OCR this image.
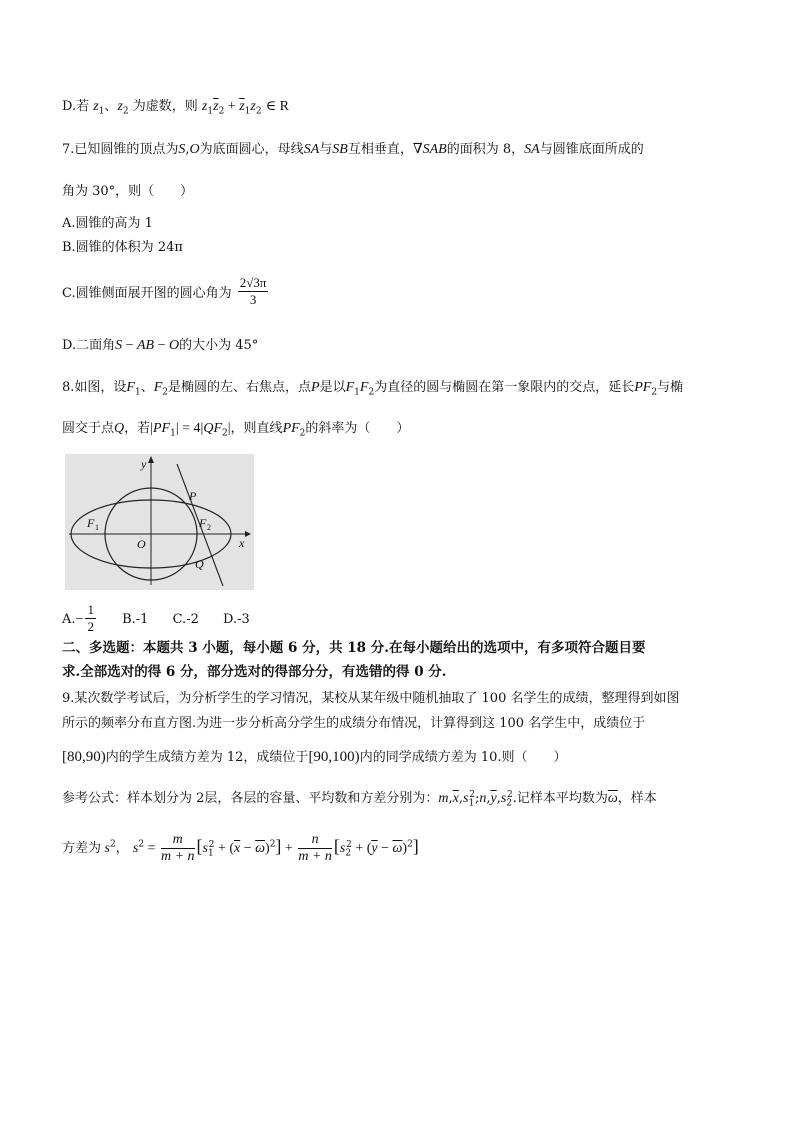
D.若 $z_1$、$z_2$ 为虚数，则 $z_1\overline{z}_2 + \overline{z}_1z_2$ ∈ R
7.已知圆锥的顶点为S,O为底面圆心，母线SA与SB互相垂直，∇SAB的面积为 8，SA与圆锥底面所成的
角为 30°，则（　　）
A.圆锥的高为 1
B.圆锥的体积为 24π
C.圆锥侧面展开图的圆心角为 $\frac{2√3\pi}{3}$
D.二面角S − AB − O的大小为 45°
8.如图，设$F_1$、$F_2$是椭圆的左、右焦点，点P是以$F_1F_2$为直径的圆与椭圆在第一象限内的交点，延长$PF_2$与椭
圆交于点Q，若$|PF_1| = 4|QF_2|$，则直线$PF_2$的斜率为（　　）
y
x
O
P
Q
F 1	F 2
$A.- \frac{1}{2} B.-1$ C.-2 D.-3
二、多选题：本题共 3 小题，每小题 6 分，共 18 分.在每小题给出的选项中，有多项符合题目要
求.全部选对的得 6 分，部分选对的得部分分，有选错的得 0 分.
9.某次数学考试后，为分析学生的学习情况，某校从某年级中随机抽取了 100 名学生的成绩，整理得到如图
所示的频率分布直方图.为进一步分析高分学生的成绩分布情况，计算得到这 100 名学生中，成绩位于
[80,90)内的学生成绩方差为 12，成绩位于[90,100)内的同学成绩方差为 10.则（　　）
参考公式：样本划分为 2层，各层的容量、平均数和方差分别为：$m,\overline{x},s_1^2;n,\overline{y},s_2^2$.记样本平均数为$\overline{\omega}$，样本
方差为 $s^2$， $s^2 = \frac{m}{m + n} [s_1^2 + (\overline{x} - \overline{\omega})^2] + \frac{n}{m + n} [s_2^2 + (\overline{y} - \overline{\omega})^2]$
